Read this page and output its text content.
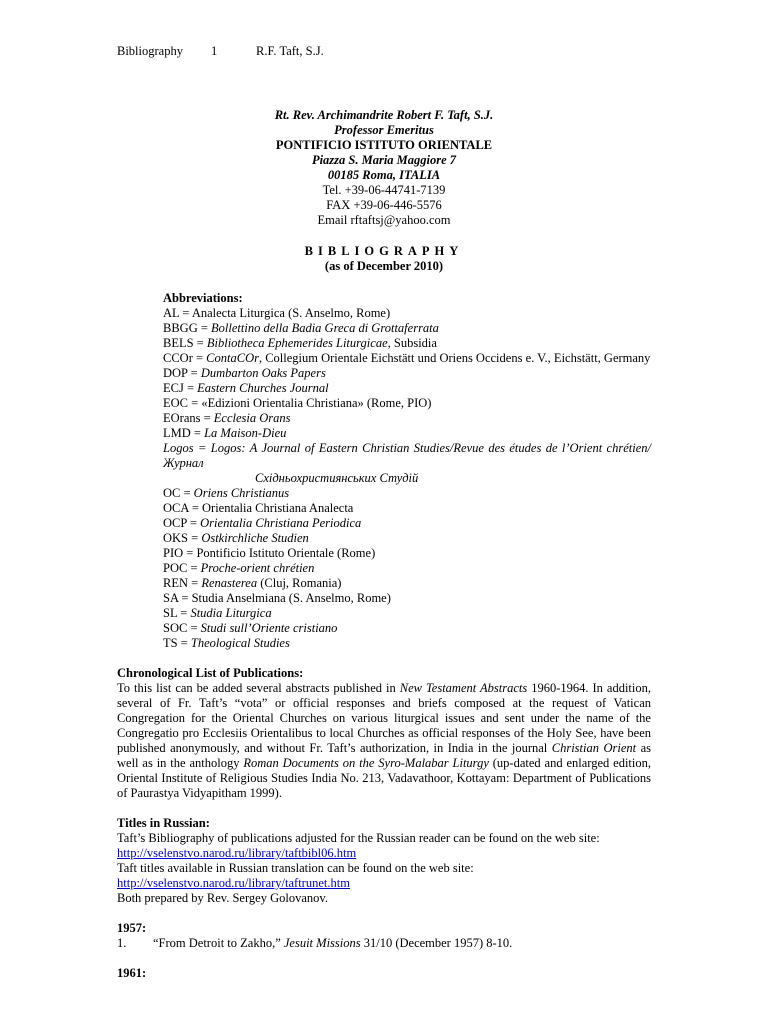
Bibliography	1	R.F. Taft, S.J.
Rt. Rev. Archimandrite Robert F. Taft, S.J.
Professor Emeritus
PONTIFICIO ISTITUTO ORIENTALE
Piazza S. Maria Maggiore 7
00185 Roma, ITALIA
Tel. +39-06-44741-7139
FAX +39-06-446-5576
Email rftaftsj@yahoo.com
BIBLIOGRAPHY
(as of December 2010)
Abbreviations:
AL = Analecta Liturgica (S. Anselmo, Rome)
BBGG = Bollettino della Badia Greca di Grottaferrata
BELS = Bibliotheca Ephemerides Liturgicae, Subsidia
CCOr = ContaCOr, Collegium Orientale Eichstätt und Oriens Occidens e. V., Eichstätt, Germany
DOP = Dumbarton Oaks Papers
ECJ = Eastern Churches Journal
EOC = «Edizioni Orientalia Christiana» (Rome, PIO)
EOrans = Ecclesia Orans
LMD = La Maison-Dieu
Logos = Logos: A Journal of Eastern Christian Studies/Revue des études de l’Orient chrétien/Журнал
Східньохристиянських Студій
OC = Oriens Christianus
OCA = Orientalia Christiana Analecta
OCP = Orientalia Christiana Periodica
OKS = Ostkirchliche Studien
PIO = Pontificio Istituto Orientale (Rome)
POC = Proche-orient chrétien
REN = Renasterea (Cluj, Romania)
SA = Studia Anselmiana (S. Anselmo, Rome)
SL = Studia Liturgica
SOC = Studi sull’Oriente cristiano
TS = Theological Studies
Chronological List of Publications:
To this list can be added several abstracts published in New Testament Abstracts 1960-1964. In addition, several of Fr. Taft’s “vota” or official responses and briefs composed at the request of Vatican Congregation for the Oriental Churches on various liturgical issues and sent under the name of the Congregatio pro Ecclesiis Orientalibus to local Churches as official responses of the Holy See, have been published anonymously, and without Fr. Taft’s authorization, in India in the journal Christian Orient as well as in the anthology Roman Documents on the Syro-Malabar Liturgy (up-dated and enlarged edition, Oriental Institute of Religious Studies India No. 213, Vadavathoor, Kottayam: Department of Publications of Paurastya Vidyapitham 1999).
Titles in Russian:
Taft’s Bibliography of publications adjusted for the Russian reader can be found on the web site:
http://vselenstvo.narod.ru/library/taftbibl06.htm
Taft titles available in Russian translation can be found on the web site:
http://vselenstvo.narod.ru/library/taftrunet.htm
Both prepared by Rev. Sergey Golovanov.
1957:
1.	“From Detroit to Zakho,” Jesuit Missions 31/10 (December 1957) 8-10.
1961:
